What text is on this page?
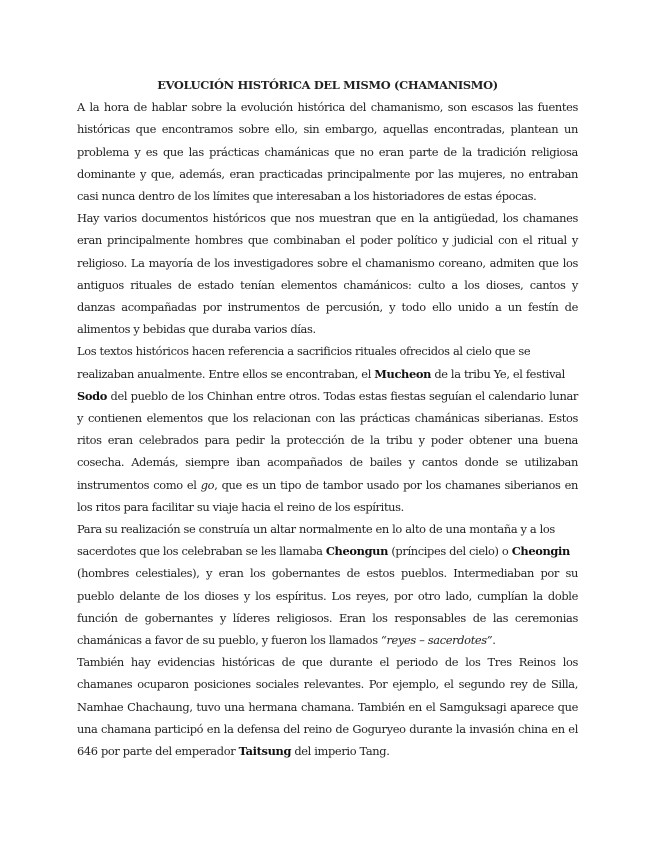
EVOLUCIÓN HISTÓRICA DEL MISMO (CHAMANISMO)

A la hora de hablar sobre la evolución histórica del chamanismo, son escasos las fuentes históricas que encontramos sobre ello, sin embargo, aquellas encontradas, plantean un problema y es que las prácticas chamánicas que no eran parte de la tradición religiosa dominante y que, además, eran practicadas principalmente por las mujeres, no entraban casi nunca dentro de los límites que interesaban a los historiadores de estas épocas.

Hay varios documentos históricos que nos muestran que en la antigüedad, los chamanes eran principalmente hombres que combinaban el poder político y judicial con el ritual y religioso. La mayoría de los investigadores sobre el chamanismo coreano, admiten que los antiguos rituales de estado tenían elementos chamánicos: culto a los dioses, cantos y danzas acompañadas por instrumentos de percusión, y todo ello unido a un festín de alimentos y bebidas que duraba varios días.

Los textos históricos hacen referencia a sacrificios rituales ofrecidos al cielo que se realizaban anualmente. Entre ellos se encontraban, el Mucheon de la tribu Ye, el festival

Sodo del pueblo de los Chinhan entre otros. Todas estas fiestas seguían el calendario lunar y contienen elementos que los relacionan con las prácticas chamánicas siberianas. Estos ritos eran celebrados para pedir la protección de la tribu y poder obtener una buena cosecha. Además, siempre iban acompañados de bailes y cantos donde se utilizaban instrumentos como el go, que es un tipo de tambor usado por los chamanes siberianos en los ritos para facilitar su viaje hacia el reino de los espíritus.

Para su realización se construía un altar normalmente en lo alto de una montaña y a los sacerdotes que los celebraban se les llamaba Cheongun (príncipes del cielo) o Cheongin

(hombres celestiales), y eran los gobernantes de estos pueblos. Intermediaban por su pueblo delante de los dioses y los espíritus. Los reyes, por otro lado, cumplían la doble función de gobernantes y líderes religiosos. Eran los responsables de las ceremonias chamánicas a favor de su pueblo, y fueron los llamados “reyes – sacerdotes”.

También hay evidencias históricas de que durante el periodo de los Tres Reinos los chamanes ocuparon posiciones sociales relevantes. Por ejemplo, el segundo rey de Silla, Namhae Chachaung, tuvo una hermana chamana. También en el Samguksagi aparece que una chamana participó en la defensa del reino de Goguryeo durante la invasión china en el 646 por parte del emperador Taitsung del imperio Tang.
